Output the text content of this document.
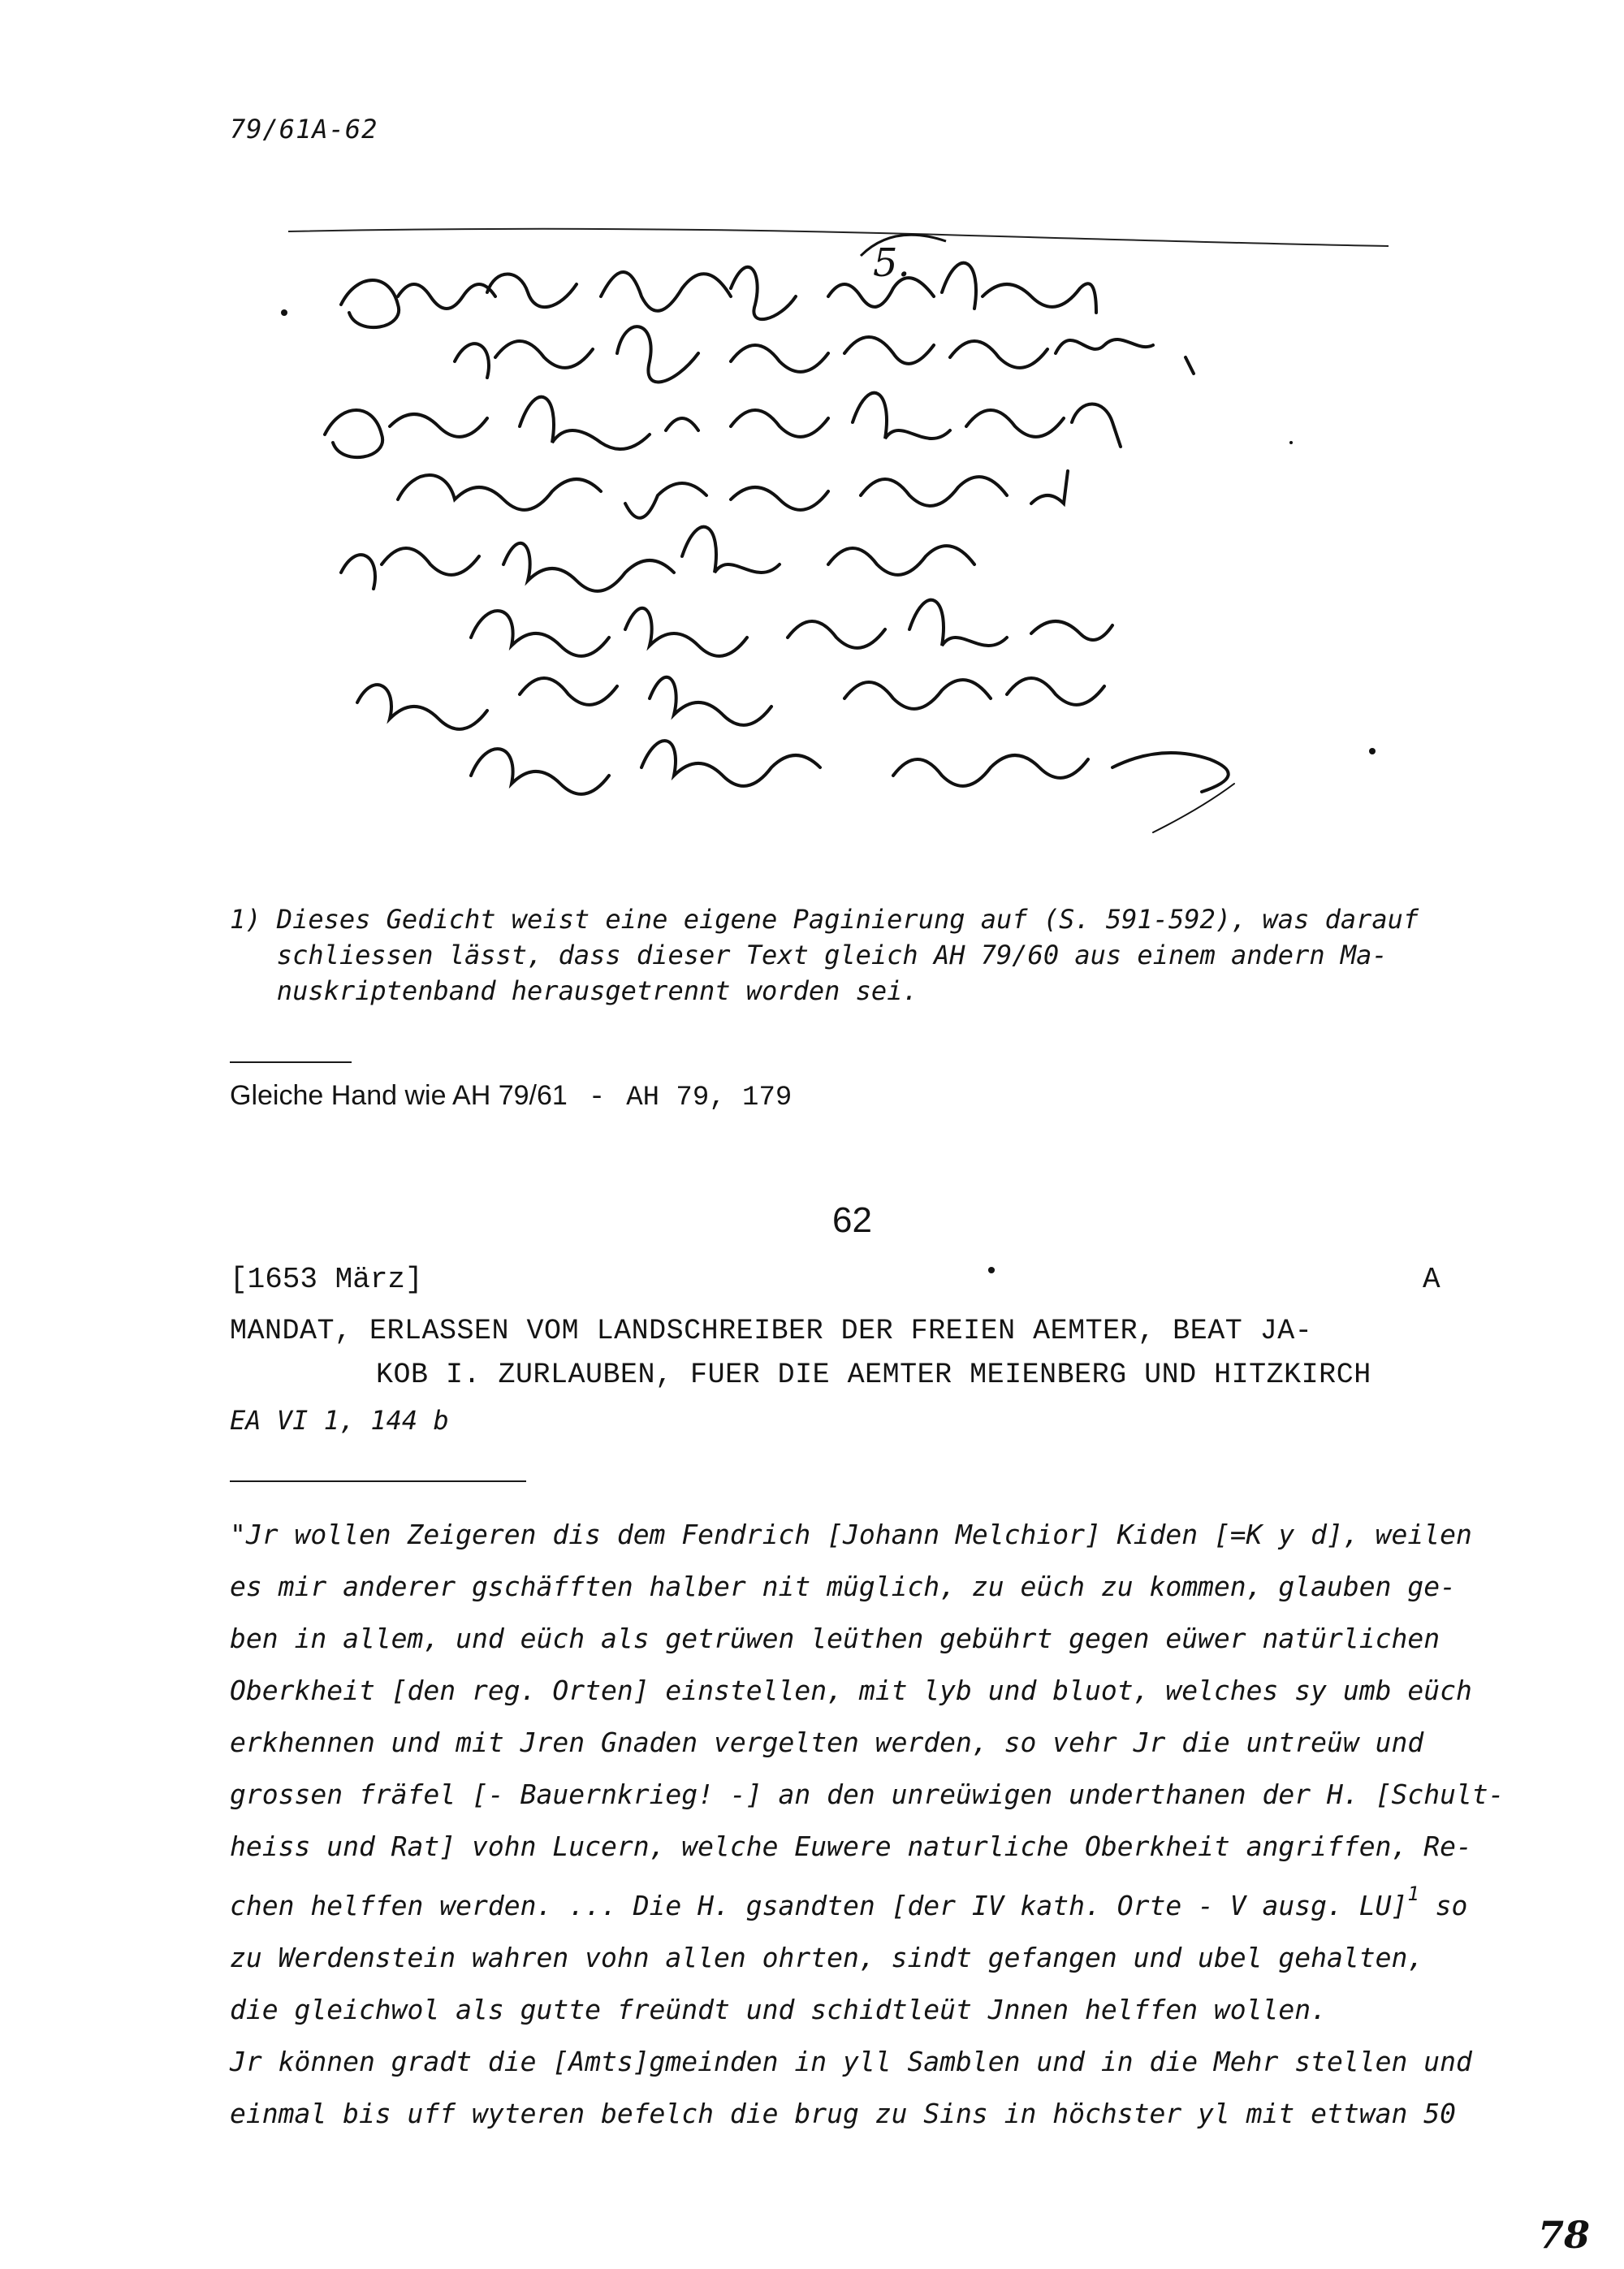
79/61A-62
5.
1) Dieses Gedicht weist eine eigene Paginierung auf (S. 591-592), was darauf
schliessen lässt, dass dieser Text gleich AH 79/60 aus einem andern Ma-
nuskriptenband herausgetrennt worden sei.
Gleiche Hand wie AH 79/61 - AH 79, 179
62
[1653 März]	•	A
MANDAT, ERLASSEN VOM LANDSCHREIBER DER FREIEN AEMTER, BEAT JA-
KOB I. ZURLAUBEN, FUER DIE AEMTER MEIENBERG UND HITZKIRCH
EA VI 1, 144 b
"Jr wollen Zeigeren dis dem Fendrich [Johann Melchior] Kiden [=K y d], weilen
es mir anderer gschäfften halber nit müglich, zu eüch zu kommen, glauben ge-
ben in allem, und eüch als getrüwen leüthen gebührt gegen eüwer natürlichen
Oberkheit [den reg. Orten] einstellen, mit lyb und bluot, welches sy umb eüch
erkhennen und mit Jren Gnaden vergelten werden, so vehr Jr die untreüw und
grossen fräfel [- Bauernkrieg! -] an den unreüwigen underthanen der H. [Schult-
heiss und Rat] vohn Lucern, welche Euwere naturliche Oberkheit angriffen, Re-
chen helffen werden. ... Die H. gsandten [der IV kath. Orte - V ausg. LU]$^1$ so
zu Werdenstein wahren vohn allen ohrten, sindt gefangen und ubel gehalten,
die gleichwol als gutte freündt und schidtleüt Jnnen helffen wollen.
Jr können gradt die [Amts]gmeinden in yll Samblen und in die Mehr stellen und
einmal bis uff wyteren befelch die brug zu Sins in höchster yl mit ettwan 50
78
